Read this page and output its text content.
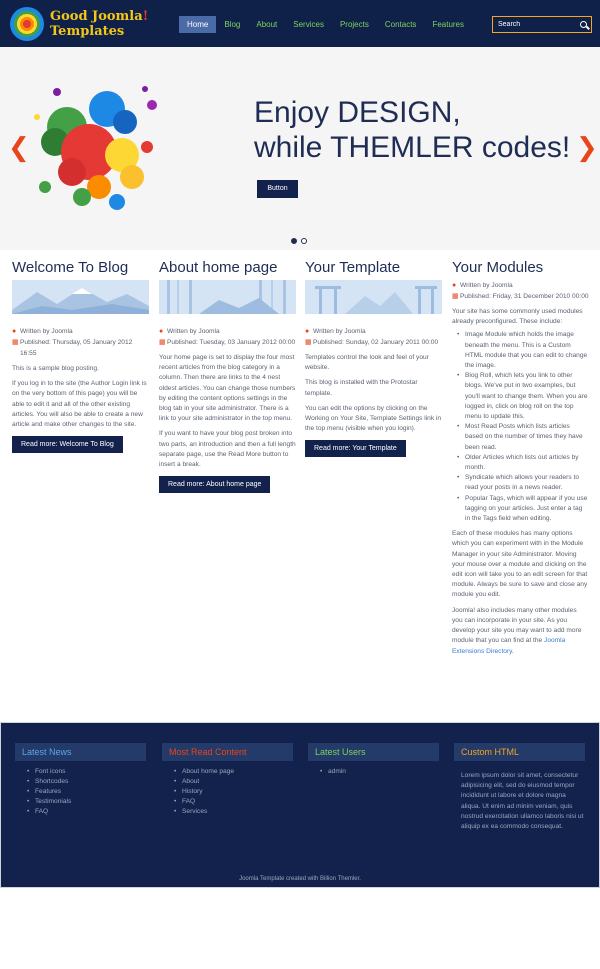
Good Joomla!
Templates	Home	Blog	About	Services	Projects	Contacts	Features
Search
❮	❯
Enjoy DESIGN,
while THEMLER codes!
Button
Welcome To Blog
● Written by Joomla
▦ Published: Thursday, 05 January 2012 16:55
This is a sample blog posting.
If you log in to the site (the Author Login link is on the very bottom of this page) you will be able to edit it and all of the other existing articles. You will also be able to create a new article and make other changes to the site.
Read more: Welcome To Blog
About home page
● Written by Joomla
▦ Published: Tuesday, 03 January 2012 00:00
Your home page is set to display the four most recent articles from the blog category in a column. Then there are links to the 4 nest oldest articles. You can change those numbers by editing the content options settings in the blog tab in your site administrator. There is a link to your site administrator in the top menu.
If you want to have your blog post broken into two parts, an introduction and then a full length separate page, use the Read More button to insert a break.
Read more: About home page
Your Template
● Written by Joomla
▦ Published: Sunday, 02 January 2011 00:00
Templates control the look and feel of your website.
This blog is installed with the Protostar template.
You can edit the options by clicking on the Working on Your Site, Template Settings link in the top menu (visible when you login).
Read more: Your Template
Your Modules
● Written by Joomla
▦ Published: Friday, 31 December 2010 00:00
Your site has some commonly used modules already preconfigured. These include:
• Image Module which holds the image beneath the menu. This is a Custom HTML module that you can edit to change the image.
• Blog Roll, which lets you link to other blogs. We've put in two examples, but you'll want to change them. When you are logged in, click on blog roll on the top menu to update this.
• Most Read Posts which lists articles based on the number of times they have been read.
• Older Articles which lists out articles by month.
• Syndicate which allows your readers to read your posts in a news reader.
• Popular Tags, which will appear if you use tagging on your articles. Just enter a tag in the Tags field when editing.
Each of these modules has many options which you can experiment with in the Module Manager in your site Administrator. Moving your mouse over a module and clicking on the edit icon will take you to an edit screen for that module. Always be sure to save and close any module you edit.
Joomla! also includes many other modules you can incorporate in your site. As you develop your site you may want to add more module that you can find at the Joomla Extensions Directory.
Latest News
• Font icons
• Shortcodes
• Features
• Testimonials
• FAQ
Most Read Content
• About home page
• About
• History
• FAQ
• Services
Latest Users
• admin
Custom HTML
Lorem ipsum dolor sit amet, consectetur adipisicing elit, sed do eiusmod tempor incididunt ut labore et dolore magna aliqua. Ut enim ad minim veniam, quis nostrud exercitation ullamco laboris nisi ut aliquip ex ea commodo consequat.
Joomla Template created with Billion Themler.
